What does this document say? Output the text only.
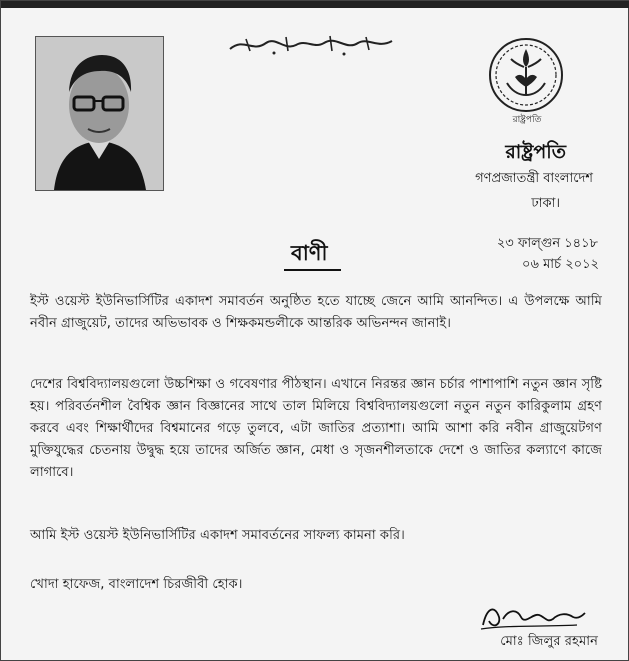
রাষ্ট্রপতি
রাষ্ট্রপতি
গণপ্রজাতন্ত্রী বাংলাদেশ
ঢাকা।
২৩ ফাল্গুন ১৪১৮
০৬ মার্চ ২০১২
বাণী
ইস্ট ওয়েস্ট ইউনিভার্সিটির একাদশ সমাবর্তন অনুষ্ঠিত হতে যাচ্ছে জেনে আমি আনন্দিত। এ উপলক্ষে আমি নবীন গ্রাজুয়েট, তাদের অভিভাবক ও শিক্ষকমন্ডলীকে আন্তরিক অভিনন্দন জানাই।
দেশের বিশ্ববিদ্যালয়গুলো উচ্চশিক্ষা ও গবেষণার পীঠস্থান। এখানে নিরন্তর জ্ঞান চর্চার পাশাপাশি নতুন জ্ঞান সৃষ্টি হয়। পরিবর্তনশীল বৈশ্বিক জ্ঞান বিজ্ঞানের সাথে তাল মিলিয়ে বিশ্ববিদ্যালয়গুলো নতুন নতুন কারিকুলাম গ্রহণ করবে এবং শিক্ষার্থীদের বিশ্বমানের গড়ে তুলবে, এটা জাতির প্রত্যাশা। আমি আশা করি নবীন গ্রাজুয়েটগণ মুক্তিযুদ্ধের চেতনায় উদ্বুদ্ধ হয়ে তাদের অর্জিত জ্ঞান, মেধা ও সৃজনশীলতাকে দেশে ও জাতির কল্যাণে কাজে লাগাবে।
আমি ইস্ট ওয়েস্ট ইউনিভার্সিটির একাদশ সমাবর্তনের সাফল্য কামনা করি।
খোদা হাফেজ, বাংলাদেশ চিরজীবী হোক।
মোঃ জিলুর রহমান
